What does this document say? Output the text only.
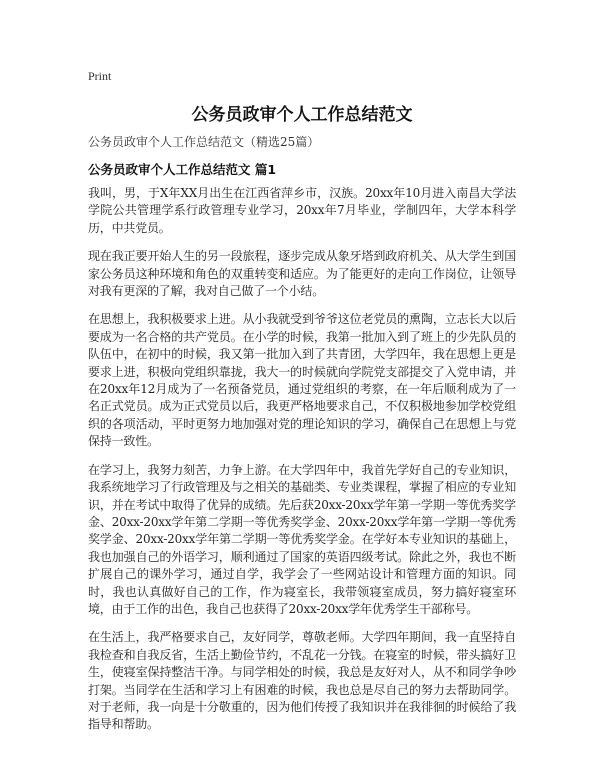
Print
公务员政审个人工作总结范文
公务员政审个人工作总结范文（精选25篇）
公务员政审个人工作总结范文 篇1

我叫，男，于X年XX月出生在江西省萍乡市，汉族。20xx年10月进入南昌大学法学院公共管理学系行政管理专业学习，20xx年7月毕业，学制四年，大学本科学历，中共党员。

现在我正要开始人生的另一段旅程，逐步完成从象牙塔到政府机关、从大学生到国家公务员这种环境和角色的双重转变和适应。为了能更好的走向工作岗位，让领导对我有更深的了解，我对自己做了一个小结。

在思想上，我积极要求上进。从小我就受到爷爷这位老党员的熏陶，立志长大以后要成为一名合格的共产党员。在小学的时候，我第一批加入到了班上的少先队员的队伍中，在初中的时候，我又第一批加入到了共青团，大学四年，我在思想上更是要求上进，积极向党组织靠拢，我大一的时候就向学院党支部提交了入党申请，并在20xx年12月成为了一名预备党员，通过党组织的考察，在一年后顺利成为了一名正式党员。成为正式党员以后，我更严格地要求自己，不仅积极地参加学校党组织的各项活动，平时更努力地加强对党的理论知识的学习，确保自己在思想上与党保持一致性。

在学习上，我努力刻苦，力争上游。在大学四年中，我首先学好自己的专业知识，我系统地学习了行政管理及与之相关的基础类、专业类课程，掌握了相应的专业知识，并在考试中取得了优异的成绩。先后获20xx-20xx学年第一学期一等优秀奖学金、20xx-20xx学年第二学期一等优秀奖学金、20xx-20xx学年第一学期一等优秀奖学金、20xx-20xx学年第二学期一等优秀奖学金。在学好本专业知识的基础上，我也加强自己的外语学习，顺利通过了国家的英语四级考试。除此之外，我也不断扩展自己的课外学习，通过自学，我学会了一些网站设计和管理方面的知识。同时，我也认真做好自己的工作，作为寝室长，我带领寝室成员，努力搞好寝室环境，由于工作的出色，我自己也获得了20xx-20xx学年优秀学生干部称号。

在生活上，我严格要求自己，友好同学，尊敬老师。大学四年期间，我一直坚持自我检查和自我反省，生活上勤俭节约，不乱花一分钱。在寝室的时候，带头搞好卫生，使寝室保持整洁干净。与同学相处的时候，我总是友好对人，从不和同学争吵打架。当同学在生活和学习上有困难的时候，我也总是尽自己的努力去帮助同学。对于老师，我一向是十分敬重的，因为他们传授了我知识并在我徘徊的时候给了我指导和帮助。
